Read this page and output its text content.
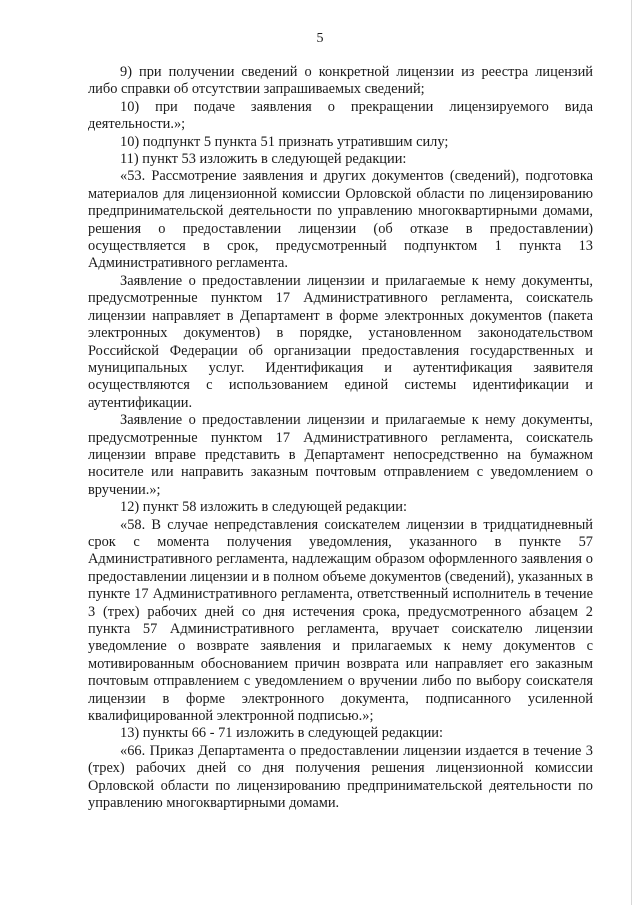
5

9) при получении сведений о конкретной лицензии из реестра лицензий либо справки об отсутствии запрашиваемых сведений;

10) при подаче заявления о прекращении лицензируемого вида деятельности.»;

10) подпункт 5 пункта 51 признать утратившим силу;

11) пункт 53 изложить в следующей редакции:

«53. Рассмотрение заявления и других документов (сведений), подготовка материалов для лицензионной комиссии Орловской области по лицензированию предпринимательской деятельности по управлению многоквартирными домами, решения о предоставлении лицензии (об отказе в предоставлении) осуществляется в срок, предусмотренный подпунктом 1 пункта 13 Административного регламента.

Заявление о предоставлении лицензии и прилагаемые к нему документы, предусмотренные пунктом 17 Административного регламента, соискатель лицензии направляет в Департамент в форме электронных документов (пакета электронных документов) в порядке, установленном законодательством Российской Федерации об организации предоставления государственных и муниципальных услуг. Идентификация и аутентификация заявителя осуществляются с использованием единой системы идентификации и аутентификации.

Заявление о предоставлении лицензии и прилагаемые к нему документы, предусмотренные пунктом 17 Административного регламента, соискатель лицензии вправе представить в Департамент непосредственно на бумажном носителе или направить заказным почтовым отправлением с уведомлением о вручении.»;

12) пункт 58 изложить в следующей редакции:

«58. В случае непредставления соискателем лицензии в тридцатидневный срок с момента получения уведомления, указанного в пункте 57 Административного регламента, надлежащим образом оформленного заявления о предоставлении лицензии и в полном объеме документов (сведений), указанных в пункте 17 Административного регламента, ответственный исполнитель в течение 3 (трех) рабочих дней со дня истечения срока, предусмотренного абзацем 2 пункта 57 Административного регламента, вручает соискателю лицензии уведомление о возврате заявления и прилагаемых к нему документов с мотивированным обоснованием причин возврата или направляет его заказным почтовым отправлением с уведомлением о вручении либо по выбору соискателя лицензии в форме электронного документа, подписанного усиленной квалифицированной электронной подписью.»;

13) пункты 66 - 71 изложить в следующей редакции:

«66. Приказ Департамента о предоставлении лицензии издается в течение 3 (трех) рабочих дней со дня получения решения лицензионной комиссии Орловской области по лицензированию предпринимательской деятельности по управлению многоквартирными домами.
